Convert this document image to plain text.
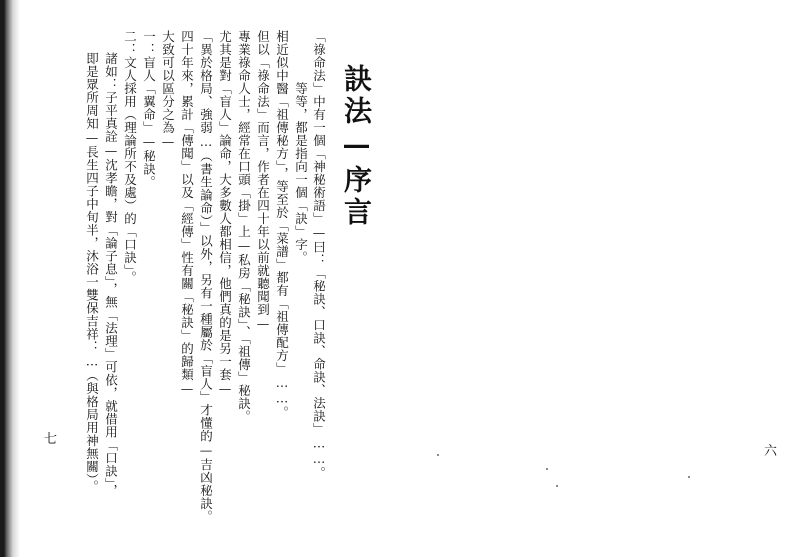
訣法—序言
「祿命法」中有一個「神秘術語」—曰：「秘訣、口訣、命訣、法訣」……。
等等，都是指向一個「訣」字。
相近似中醫「祖傳秘方」，等至於「菜譜」都有「祖傳配方」……。
但以「祿命法」而言，作者在四十年以前就聽聞到—
專業祿命人士，經常在口頭「掛」上—私房「秘訣」、「祖傳」秘訣。
尤其是對「盲人」論命，大多數人都相信，他們真的是另一套—
「異於格局、強弱…（書生論命）」以外，另有一種屬於「盲人」才懂的—吉凶秘訣。
四十年來，累計「傳聞」以及「經傳」性有關「秘訣」的歸類—
大致可以區分之為—
一：盲人「翼命」—秘訣。
二：文人採用（理論所不及處）的「口訣」。
諸如：子平真詮—沈孝瞻，對「論子息」，無「法理」可依，就借用「口訣」，
即是眾所周知—長生四子中旬半，沐浴一雙保吉祥：…（與格局用神無關）。
七
六
